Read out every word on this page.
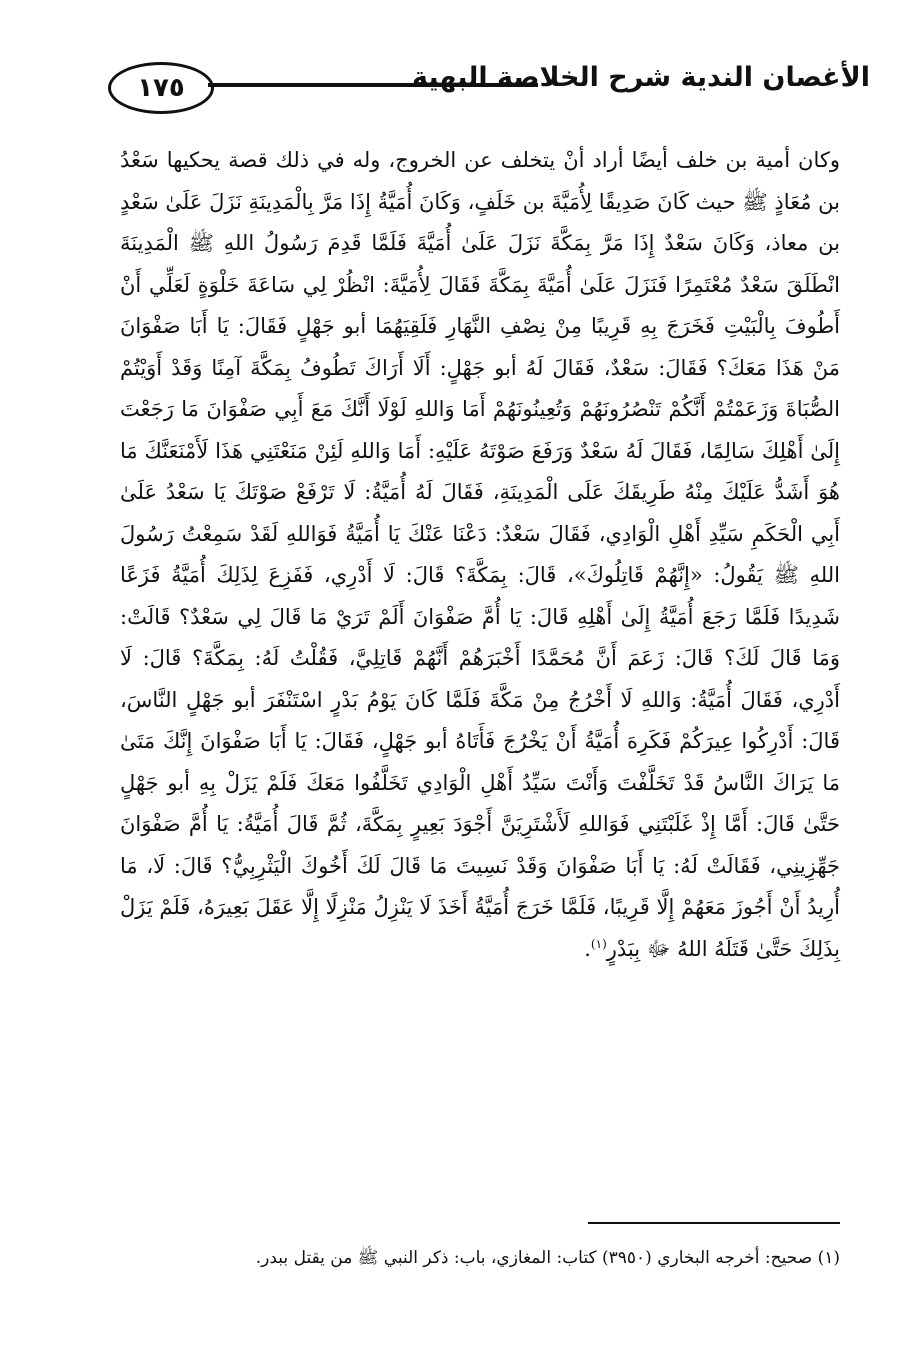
١٧٥	الأغصان الندية شرح الخلاصة البهية

وكان أمية بن خلف أيضًا أراد أنْ يتخلف عن الخروج، وله في ذلك قصة يحكيها سَعْدُ بن مُعَاذٍ ﷺ حيث كَانَ صَدِيقًا لِأُمَيَّةَ بن خَلَفٍ، وَكَانَ أُمَيَّةُ إِذَا مَرَّ بِالْمَدِينَةِ نَزَلَ عَلَىٰ سَعْدٍ بن معاذ، وَكَانَ سَعْدٌ إِذَا مَرَّ بِمَكَّةَ نَزَلَ عَلَىٰ أُمَيَّةَ فَلَمَّا قَدِمَ رَسُولُ اللهِ ﷺ الْمَدِينَةَ انْطَلَقَ سَعْدٌ مُعْتَمِرًا فَنَزَلَ عَلَىٰ أُمَيَّةَ بِمَكَّةَ فَقَالَ لِأُمَيَّةَ: انْظُرْ لِي سَاعَةَ خَلْوَةٍ لَعَلِّي أَنْ أَطُوفَ بِالْبَيْتِ فَخَرَجَ بِهِ قَرِيبًا مِنْ نِصْفِ النَّهَارِ فَلَقِيَهُمَا أبو جَهْلٍ فَقَالَ: يَا أَبَا صَفْوَانَ مَنْ هَذَا مَعَكَ؟ فَقَالَ: سَعْدٌ، فَقَالَ لَهُ أبو جَهْلٍ: أَلَا أَرَاكَ تَطُوفُ بِمَكَّةَ آمِنًا وَقَدْ أَوَيْتُمْ الصُّبَاةَ وَزَعَمْتُمْ أَنَّكُمْ تَنْصُرُونَهُمْ وَتُعِينُونَهُمْ أَمَا وَاللهِ لَوْلَا أَنَّكَ مَعَ أَبِي صَفْوَانَ مَا رَجَعْتَ إِلَىٰ أَهْلِكَ سَالِمًا، فَقَالَ لَهُ سَعْدٌ وَرَفَعَ صَوْتَهُ عَلَيْهِ: أَمَا وَاللهِ لَئِنْ مَنَعْتَنِي هَذَا لَأَمْنَعَنَّكَ مَا هُوَ أَشَدُّ عَلَيْكَ مِنْهُ طَرِيقَكَ عَلَى الْمَدِينَةِ، فَقَالَ لَهُ أُمَيَّةُ: لَا تَرْفَعْ صَوْتَكَ يَا سَعْدُ عَلَىٰ أَبِي الْحَكَمِ سَيِّدِ أَهْلِ الْوَادِي، فَقَالَ سَعْدٌ: دَعْنَا عَنْكَ يَا أُمَيَّةُ فَوَاللهِ لَقَدْ سَمِعْتُ رَسُولَ اللهِ ﷺ يَقُولُ: «إِنَّهُمْ قَاتِلُوكَ»، قَالَ: بِمَكَّةَ؟ قَالَ: لَا أَدْرِي، فَفَزِعَ لِذَلِكَ أُمَيَّةُ فَزَعًا شَدِيدًا فَلَمَّا رَجَعَ أُمَيَّةُ إِلَىٰ أَهْلِهِ قَالَ: يَا أُمَّ صَفْوَانَ أَلَمْ تَرَيْ مَا قَالَ لِي سَعْدٌ؟ قَالَتْ: وَمَا قَالَ لَكَ؟ قَالَ: زَعَمَ أَنَّ مُحَمَّدًا أَخْبَرَهُمْ أَنَّهُمْ قَاتِلِيَّ، فَقُلْتُ لَهُ: بِمَكَّةَ؟ قَالَ: لَا أَدْرِي، فَقَالَ أُمَيَّةُ: وَاللهِ لَا أَخْرُجُ مِنْ مَكَّةَ فَلَمَّا كَانَ يَوْمُ بَدْرٍ اسْتَنْفَرَ أبو جَهْلٍ النَّاسَ، قَالَ: أَدْرِكُوا عِيرَكُمْ فَكَرِهَ أُمَيَّةُ أَنْ يَخْرُجَ فَأَتَاهُ أبو جَهْلٍ، فَقَالَ: يَا أَبَا صَفْوَانَ إِنَّكَ مَتَىٰ مَا يَرَاكَ النَّاسُ قَدْ تَخَلَّفْتَ وَأَنْتَ سَيِّدُ أَهْلِ الْوَادِي تَخَلَّفُوا مَعَكَ فَلَمْ يَزَلْ بِهِ أبو جَهْلٍ حَتَّىٰ قَالَ: أَمَّا إِذْ غَلَبْتَنِي فَوَاللهِ لَأَشْتَرِيَنَّ أَجْوَدَ بَعِيرٍ بِمَكَّةَ، ثُمَّ قَالَ أُمَيَّةُ: يَا أُمَّ صَفْوَانَ جَهِّزِينِي، فَقَالَتْ لَهُ: يَا أَبَا صَفْوَانَ وَقَدْ نَسِيتَ مَا قَالَ لَكَ أَخُوكَ الْيَثْرِبِيُّ؟ قَالَ: لَا، مَا أُرِيدُ أَنْ أَجُوزَ مَعَهُمْ إِلَّا قَرِيبًا، فَلَمَّا خَرَجَ أُمَيَّةُ أَخَذَ لَا يَنْزِلُ مَنْزِلًا إِلَّا عَقَلَ بَعِيرَهُ، فَلَمْ يَزَلْ بِذَلِكَ حَتَّىٰ قَتَلَهُ اللهُ ﷻ بِبَدْرٍ$^{(١)}$.

(١) صحيح: أخرجه البخاري (٣٩٥٠) كتاب: المغازي، باب: ذكر النبي ﷺ من يقتل ببدر.
